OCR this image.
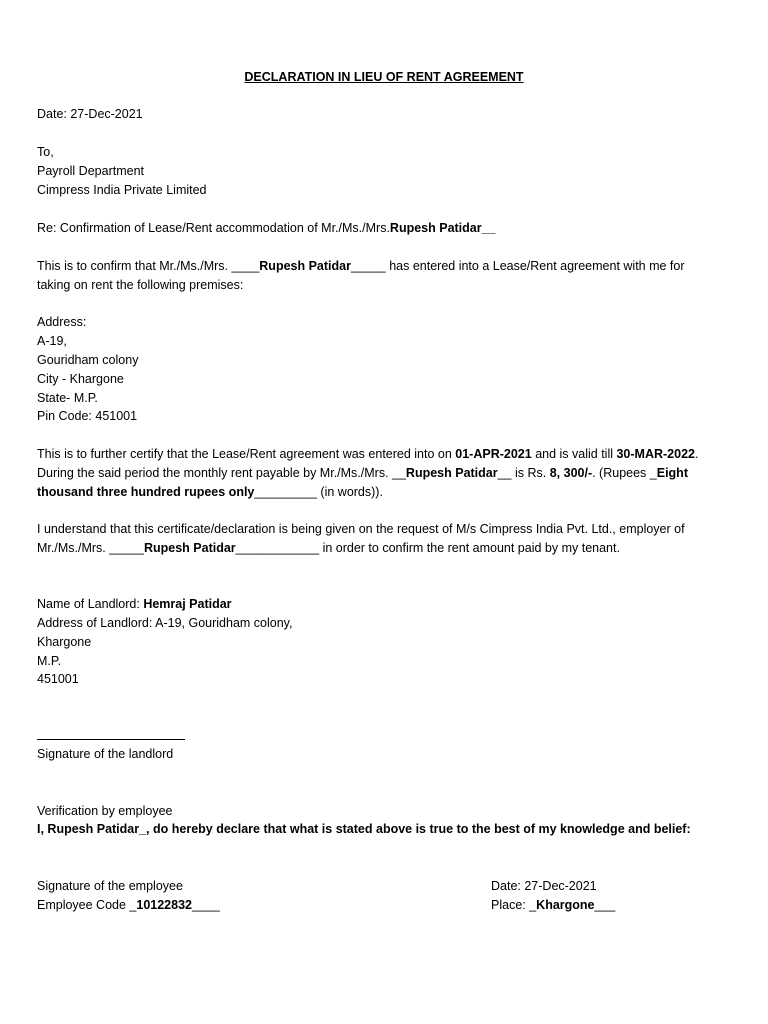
DECLARATION IN LIEU OF RENT AGREEMENT
Date: 27-Dec-2021
To,
Payroll Department
Cimpress India Private Limited
Re: Confirmation of Lease/Rent accommodation of Mr./Ms./Mrs.Rupesh Patidar__
This is to confirm that Mr./Ms./Mrs. ____Rupesh Patidar_____ has entered into a Lease/Rent agreement with me for
taking on rent the following premises:
Address:
A-19,
Gouridham colony
City - Khargone
State- M.P.
Pin Code: 451001
This is to further certify that the Lease/Rent agreement was entered into on 01-APR-2021 and is valid till 30-MAR-2022.
During the said period the monthly rent payable by Mr./Ms./Mrs. __Rupesh Patidar__ is Rs. 8, 300/-. (Rupees _Eight
thousand three hundred rupees only_________ (in words)).
I understand that this certificate/declaration is being given on the request of M/s Cimpress India Pvt. Ltd., employer of
Mr./Ms./Mrs. _____Rupesh Patidar____________ in order to confirm the rent amount paid by my tenant.
Name of Landlord: Hemraj Patidar
Address of Landlord: A-19, Gouridham colony,
Khargone
M.P.
451001
Signature of the landlord
Verification by employee
I, Rupesh Patidar_, do hereby declare that what is stated above is true to the best of my knowledge and belief:
Signature of the employee
Employee Code _10122832____
Date: 27-Dec-2021
Place: _Khargone___
